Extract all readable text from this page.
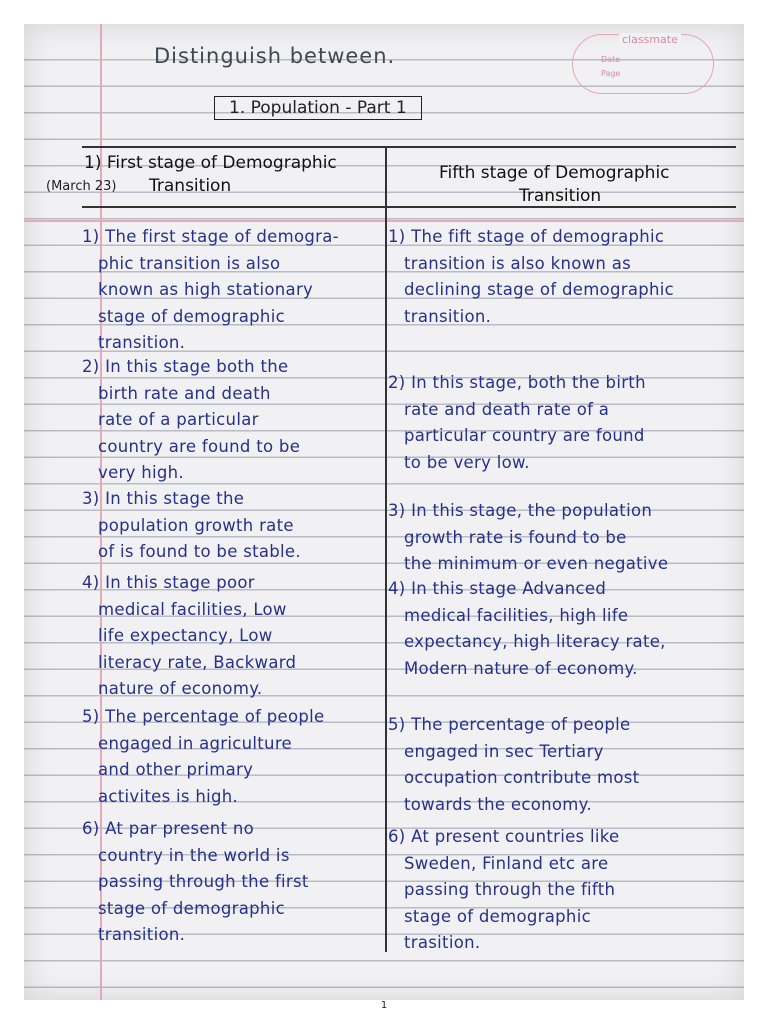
Distinguish between.
classmate
Date
Page
1. Population - Part 1
1) First stage of Demographic
Transition
(March 23)
Fifth stage of Demographic
Transition
1) The first stage of demogra-
phic transition is also
known as high stationary
stage of demographic
transition.
2) In this stage both the
birth rate and death
rate of a particular
country are found to be
very high.
3) In this stage the
population growth rate
of is found to be stable.
4) In this stage poor
medical facilities, Low
life expectancy, Low
literacy rate, Backward
nature of economy.
5) The percentage of people
engaged in agriculture
and other primary
activites is high.
6) At par present no
country in the world is
passing through the first
stage of demographic
transition.
1) The fift stage of demographic
transition is also known as
declining stage of demographic
transition.
2) In this stage, both the birth
rate and death rate of a
particular country are found
to be very low.
3) In this stage, the population
growth rate is found to be
the minimum or even negative
4) In this stage Advanced
medical facilities, high life
expectancy, high literacy rate,
Modern nature of economy.
5) The percentage of people
engaged in sec Tertiary
occupation contribute most
towards the economy.
6) At present countries like
Sweden, Finland etc are
passing through the fifth
stage of demographic
trasition.
1
